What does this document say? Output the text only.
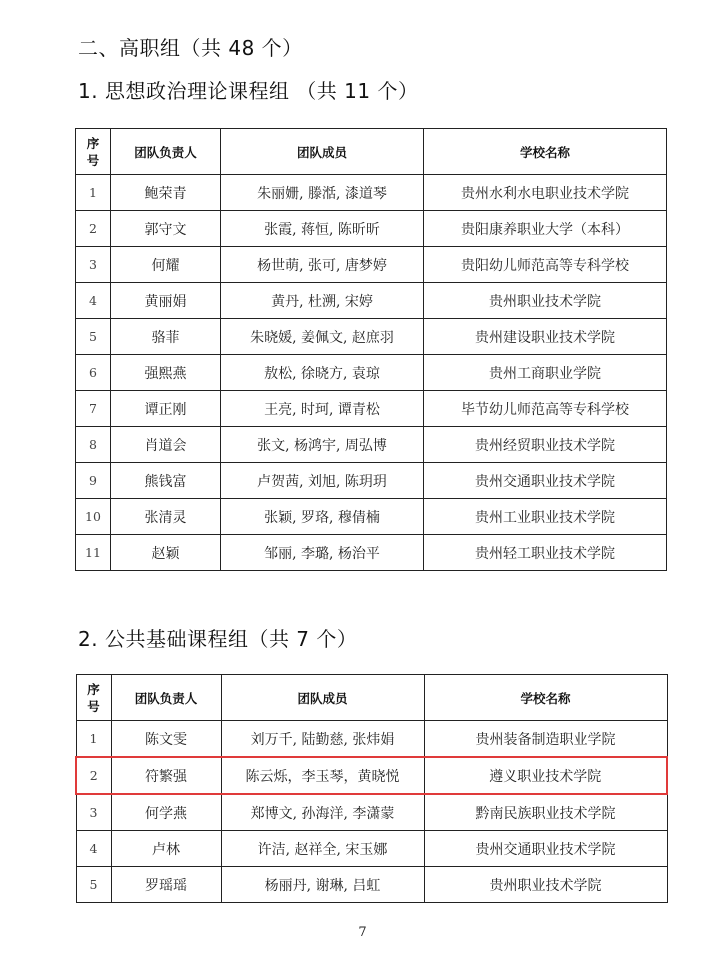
二、高职组（共 48 个）
1. 思想政治理论课程组 （共 11 个）
序
号	团队负责人	团队成员	学校名称
1	鲍荣青	朱丽姗, 滕湉, 漆道琴	贵州水利水电职业技术学院
2	郭守文	张霞, 蒋恒, 陈昕昕	贵阳康养职业大学（本科）
3	何耀	杨世萌, 张可, 唐梦婷	贵阳幼儿师范高等专科学校
4	黄丽娟	黄丹, 杜溯, 宋婷	贵州职业技术学院
5	骆菲	朱晓媛, 姜佩文, 赵庶羽	贵州建设职业技术学院
6	强熙燕	敖松, 徐晓方, 袁琼	贵州工商职业学院
7	谭正刚	王亮, 时珂, 谭青松	毕节幼儿师范高等专科学校
8	肖道会	张文, 杨鸿宇, 周弘博	贵州经贸职业技术学院
9	熊钱富	卢贺茜, 刘旭, 陈玥玥	贵州交通职业技术学院
10	张清灵	张颖, 罗珞, 穆倩楠	贵州工业职业技术学院
11	赵颖	邹丽, 李璐, 杨治平	贵州轻工职业技术学院
2. 公共基础课程组（共 7 个）
序
号	团队负责人	团队成员	学校名称
1	陈文雯	刘万千, 陆勤慈, 张炜娟	贵州装备制造职业学院
2	符繁强	陈云烁，李玉琴，黄晓悦	遵义职业技术学院
3	何学燕	郑博文, 孙海洋, 李潇蒙	黔南民族职业技术学院
4	卢林	许洁, 赵祥全, 宋玉娜	贵州交通职业技术学院
5	罗瑶瑶	杨丽丹, 谢琳, 吕虹	贵州职业技术学院
7
